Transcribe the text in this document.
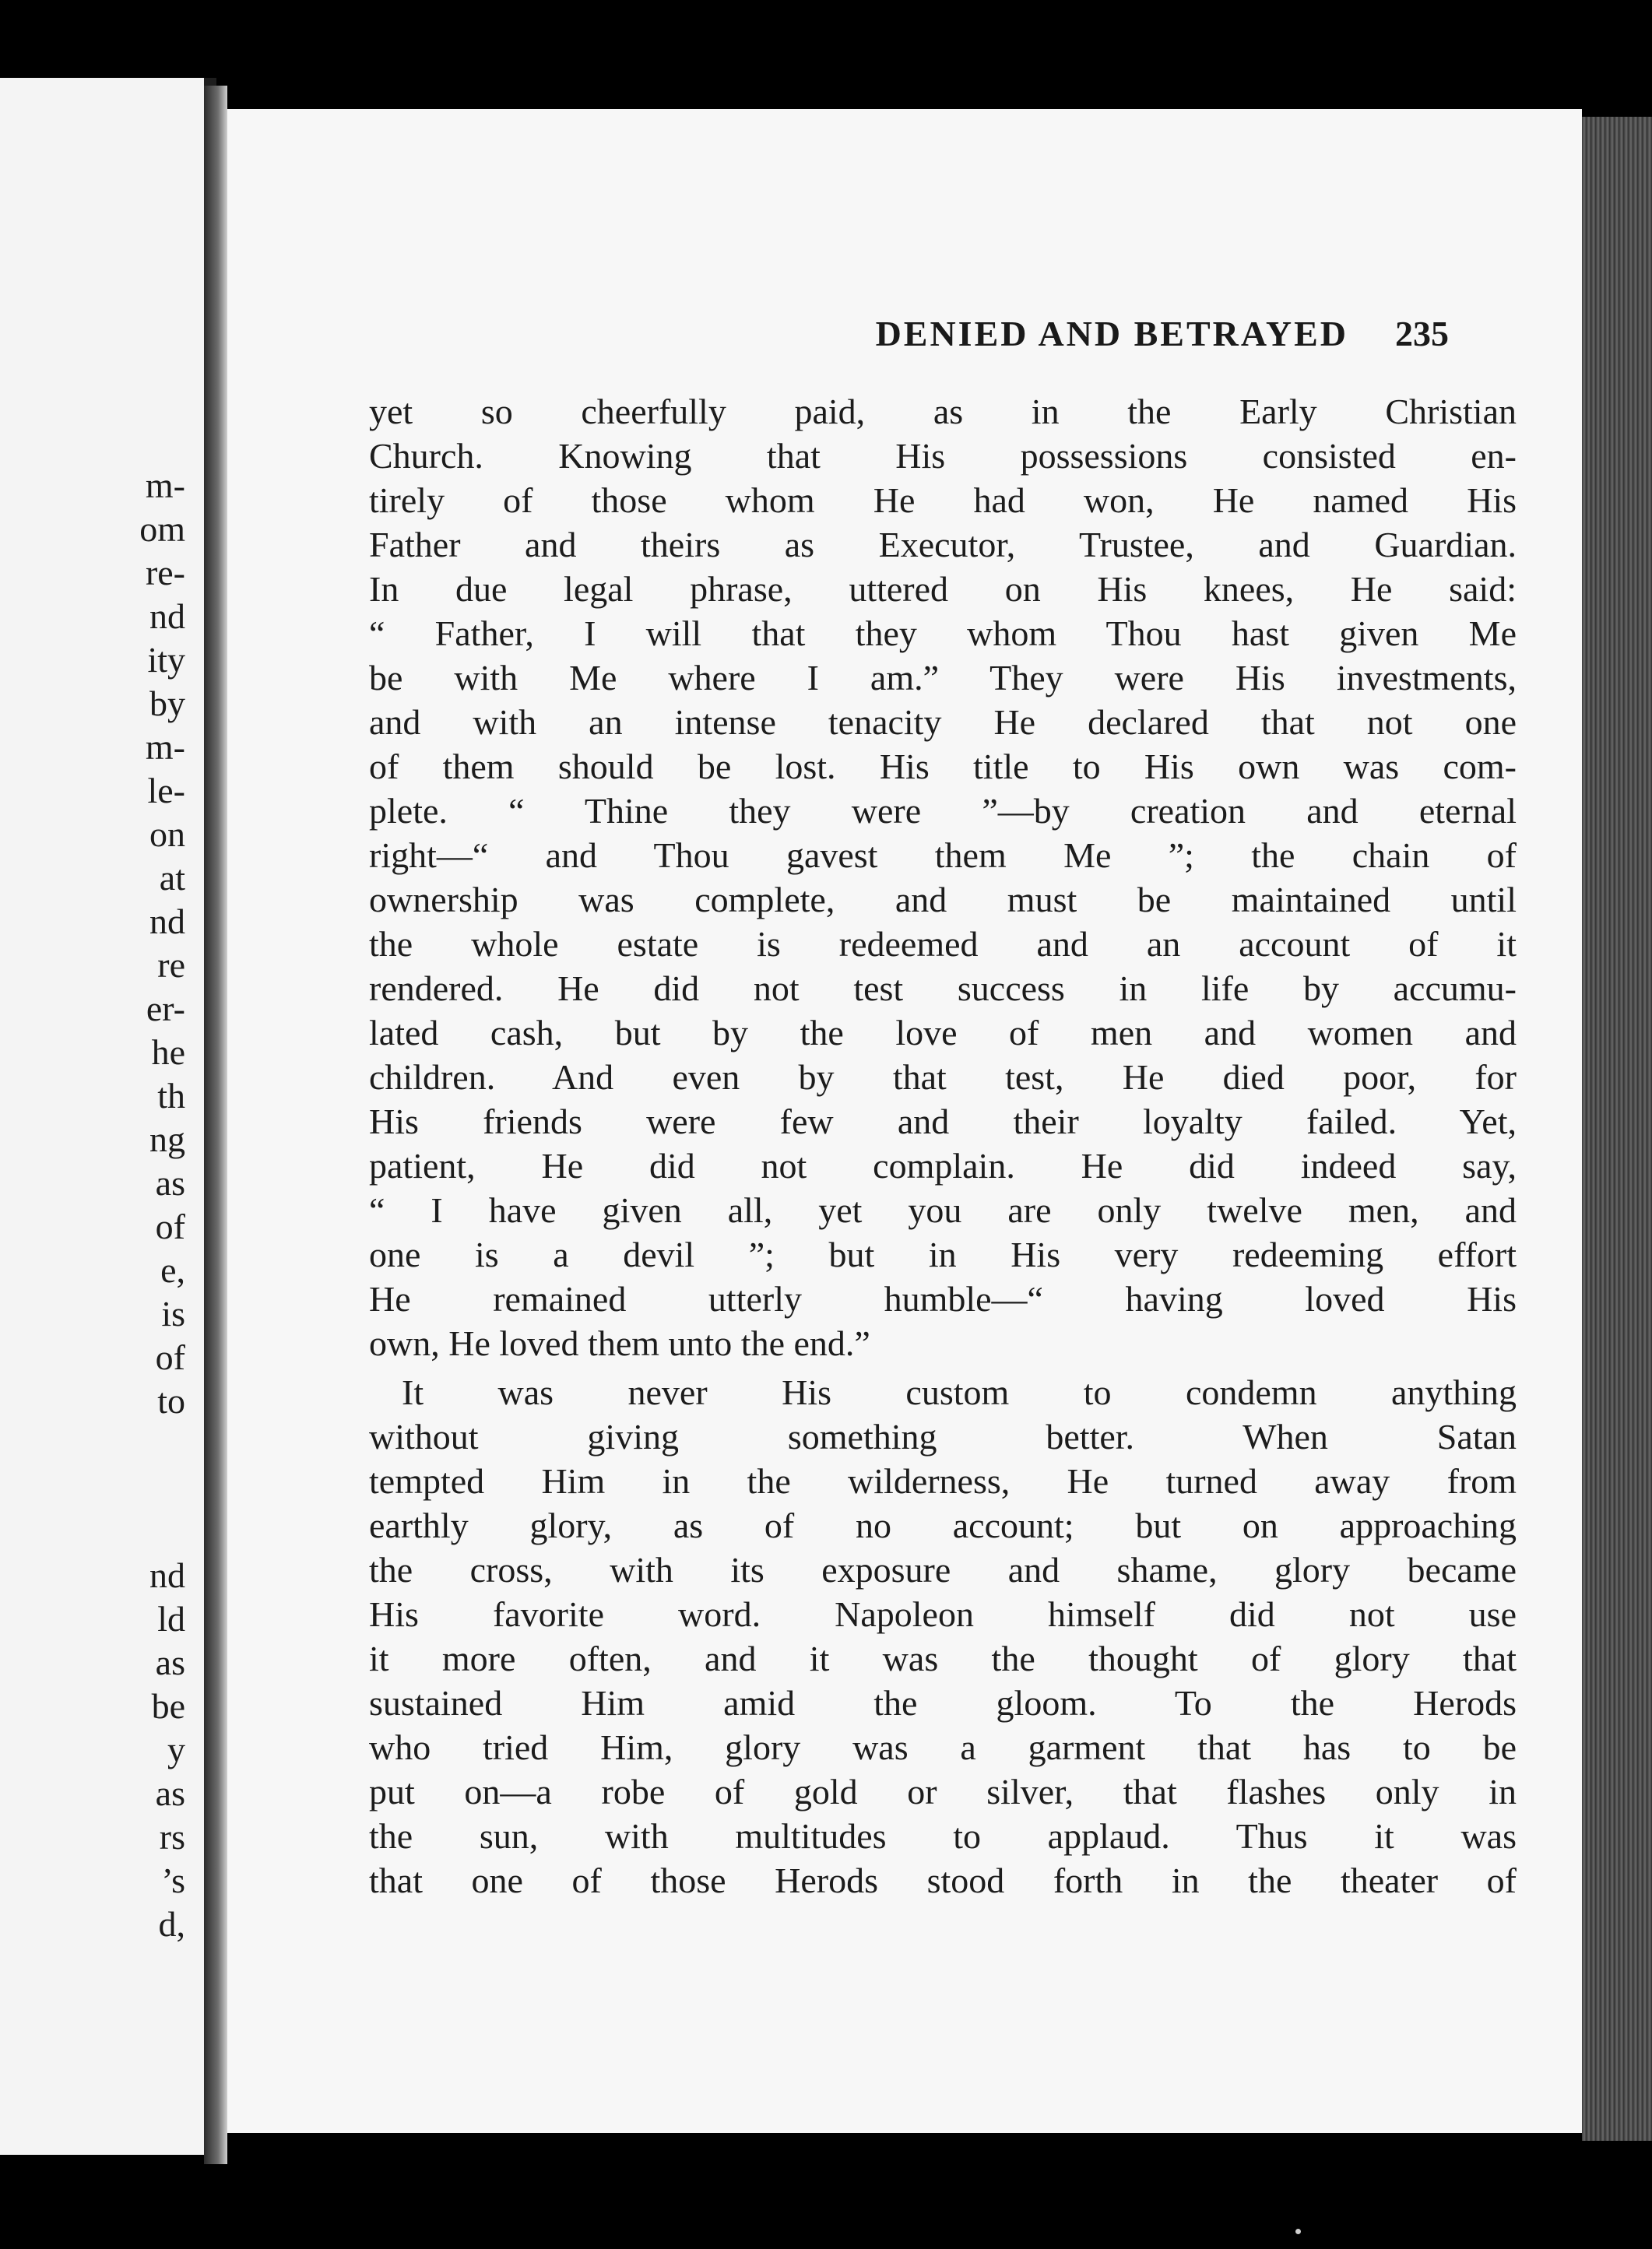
m-
om
re-
nd
ity
by
m-
le-
on
at
nd
re
er-
he
th
ng
as
of
e,
is
of
to
nd
ld
as
be
y
as
rs
’s
d,
DENIED AND BETRAYED 235
yet so cheerfully paid, as in the Early Christian
Church. Knowing that His possessions consisted en-
tirely of those whom He had won, He named His
Father and theirs as Executor, Trustee, and Guardian.
In due legal phrase, uttered on His knees, He said:
“ Father, I will that they whom Thou hast given Me
be with Me where I am.” They were His investments,
and with an intense tenacity He declared that not one
of them should be lost. His title to His own was com-
plete. “ Thine they were ”—by creation and eternal
right—“ and Thou gavest them Me ”; the chain of
ownership was complete, and must be maintained until
the whole estate is redeemed and an account of it
rendered. He did not test success in life by accumu-
lated cash, but by the love of men and women and
children. And even by that test, He died poor, for
His friends were few and their loyalty failed. Yet,
patient, He did not complain. He did indeed say,
“ I have given all, yet you are only twelve men, and
one is a devil ”; but in His very redeeming effort
He remained utterly humble—“ having loved His
own, He loved them unto the end.”
It was never His custom to condemn anything
without giving something better. When Satan
tempted Him in the wilderness, He turned away from
earthly glory, as of no account; but on approaching
the cross, with its exposure and shame, glory became
His favorite word. Napoleon himself did not use
it more often, and it was the thought of glory that
sustained Him amid the gloom. To the Herods
who tried Him, glory was a garment that has to be
put on—a robe of gold or silver, that flashes only in
the sun, with multitudes to applaud. Thus it was
that one of those Herods stood forth in the theater of
